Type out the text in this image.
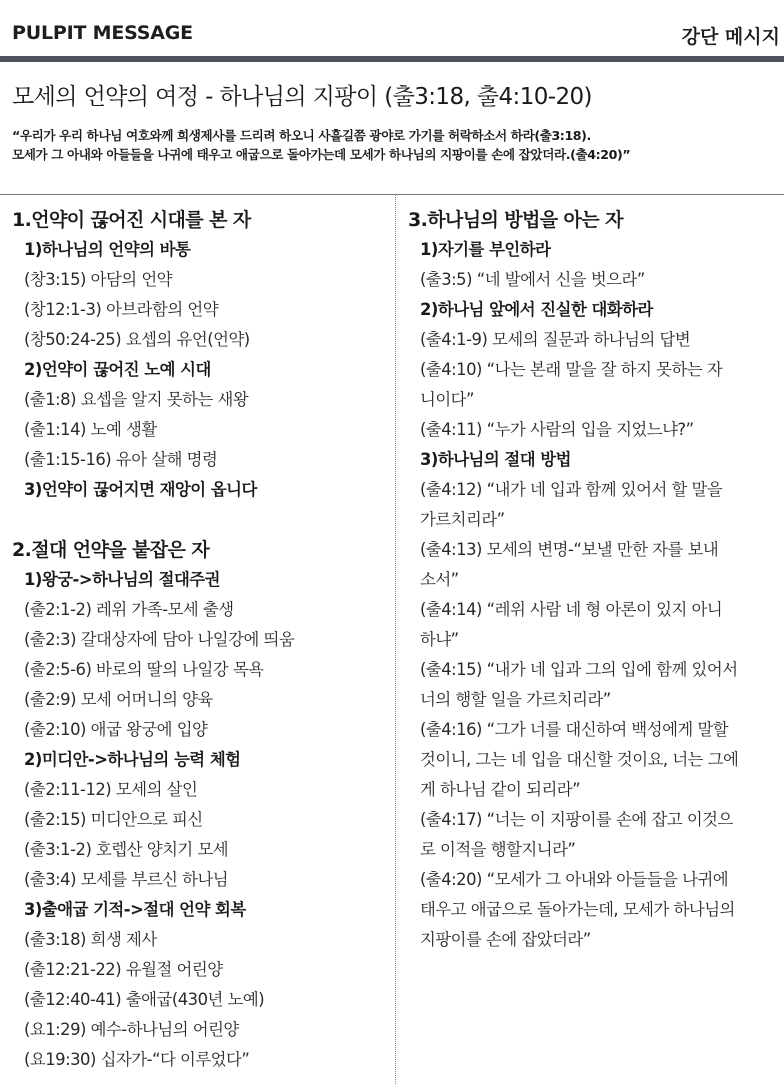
PULPIT MESSAGE	강단 메시지
모세의 언약의 여정 - 하나님의 지팡이 (출3:18, 출4:10-20)
“우리가 우리 하나님 여호와께 희생제사를 드리려 하오니 사흘길쯤 광야로 가기를 허락하소서 하라(출3:18).
모세가 그 아내와 아들들을 나귀에 태우고 애굽으로 돌아가는데 모세가 하나님의 지팡이를 손에 잡았더라.(출4:20)”
1.언약이 끊어진 시대를 본 자
1)하나님의 언약의 바통
(창3:15) 아담의 언약
(창12:1-3) 아브라함의 언약
(창50:24-25) 요셉의 유언(언약)
2)언약이 끊어진 노예 시대
(출1:8) 요셉을 알지 못하는 새왕
(출1:14) 노예 생활
(출1:15-16) 유아 살해 명령
3)언약이 끊어지면 재앙이 옵니다
2.절대 언약을 붙잡은 자
1)왕궁->하나님의 절대주권
(출2:1-2) 레위 가족-모세 출생
(출2:3) 갈대상자에 담아 나일강에 띄움
(출2:5-6) 바로의 딸의 나일강 목욕
(출2:9) 모세 어머니의 양육
(출2:10) 애굽 왕궁에 입양
2)미디안->하나님의 능력 체험
(출2:11-12) 모세의 살인
(출2:15) 미디안으로 피신
(출3:1-2) 호렙산 양치기 모세
(출3:4) 모세를 부르신 하나님
3)출애굽 기적->절대 언약 회복
(출3:18) 희생 제사
(출12:21-22) 유월절 어린양
(출12:40-41) 출애굽(430년 노예)
(요1:29) 예수-하나님의 어린양
(요19:30) 십자가-“다 이루었다”
3.하나님의 방법을 아는 자
1)자기를 부인하라
(출3:5) “네 발에서 신을 벗으라”
2)하나님 앞에서 진실한 대화하라
(출4:1-9) 모세의 질문과 하나님의 답변
(출4:10) “나는 본래 말을 잘 하지 못하는 자
니이다”
(출4:11) “누가 사람의 입을 지었느냐?”
3)하나님의 절대 방법
(출4:12) “내가 네 입과 함께 있어서 할 말을
가르치리라”
(출4:13) 모세의 변명-“보낼 만한 자를 보내
소서”
(출4:14) “레위 사람 네 형 아론이 있지 아니
하냐”
(출4:15) “내가 네 입과 그의 입에 함께 있어서
너의 행할 일을 가르치리라”
(출4:16) “그가 너를 대신하여 백성에게 말할
것이니, 그는 네 입을 대신할 것이요, 너는 그에
게 하나님 같이 되리라”
(출4:17) “너는 이 지팡이를 손에 잡고 이것으
로 이적을 행할지니라”
(출4:20) “모세가 그 아내와 아들들을 나귀에
태우고 애굽으로 돌아가는데, 모세가 하나님의
지팡이를 손에 잡았더라”
